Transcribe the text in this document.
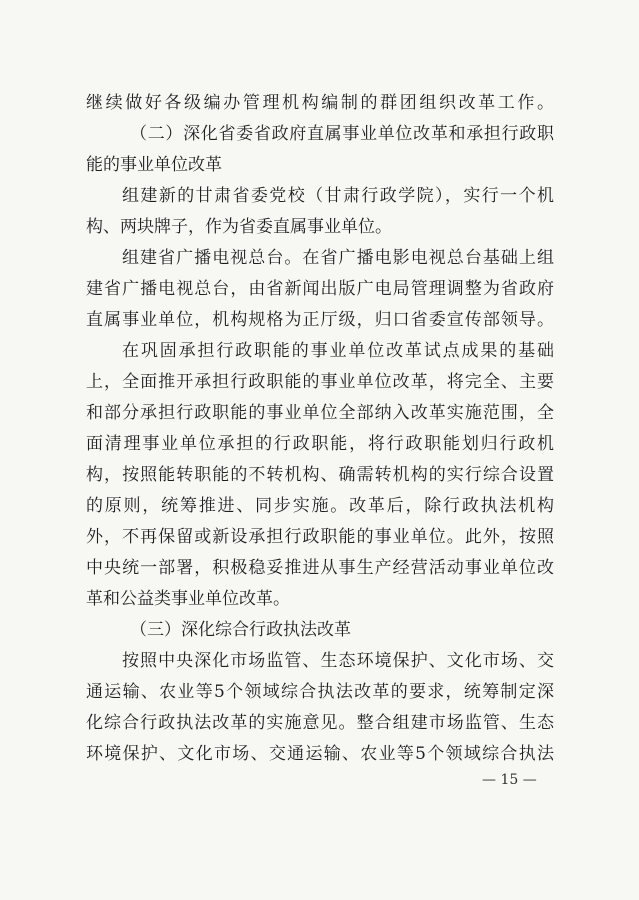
继续做好各级编办管理机构编制的群团组织改革工作。
（二）深化省委省政府直属事业单位改革和承担行政职
能的事业单位改革
组建新的甘肃省委党校（甘肃行政学院），实行一个机
构、两块牌子，作为省委直属事业单位。
组建省广播电视总台。在省广播电影电视总台基础上组
建省广播电视总台，由省新闻出版广电局管理调整为省政府
直属事业单位，机构规格为正厅级，归口省委宣传部领导。
在巩固承担行政职能的事业单位改革试点成果的基础
上，全面推开承担行政职能的事业单位改革，将完全、主要
和部分承担行政职能的事业单位全部纳入改革实施范围，全
面清理事业单位承担的行政职能，将行政职能划归行政机
构，按照能转职能的不转机构、确需转机构的实行综合设置
的原则，统筹推进、同步实施。改革后，除行政执法机构
外，不再保留或新设承担行政职能的事业单位。此外，按照
中央统一部署，积极稳妥推进从事生产经营活动事业单位改
革和公益类事业单位改革。
（三）深化综合行政执法改革
按照中央深化市场监管、生态环境保护、文化市场、交
通运输、农业等5个领域综合执法改革的要求，统筹制定深
化综合行政执法改革的实施意见。整合组建市场监管、生态
环境保护、文化市场、交通运输、农业等5个领域综合执法
— 15 —
